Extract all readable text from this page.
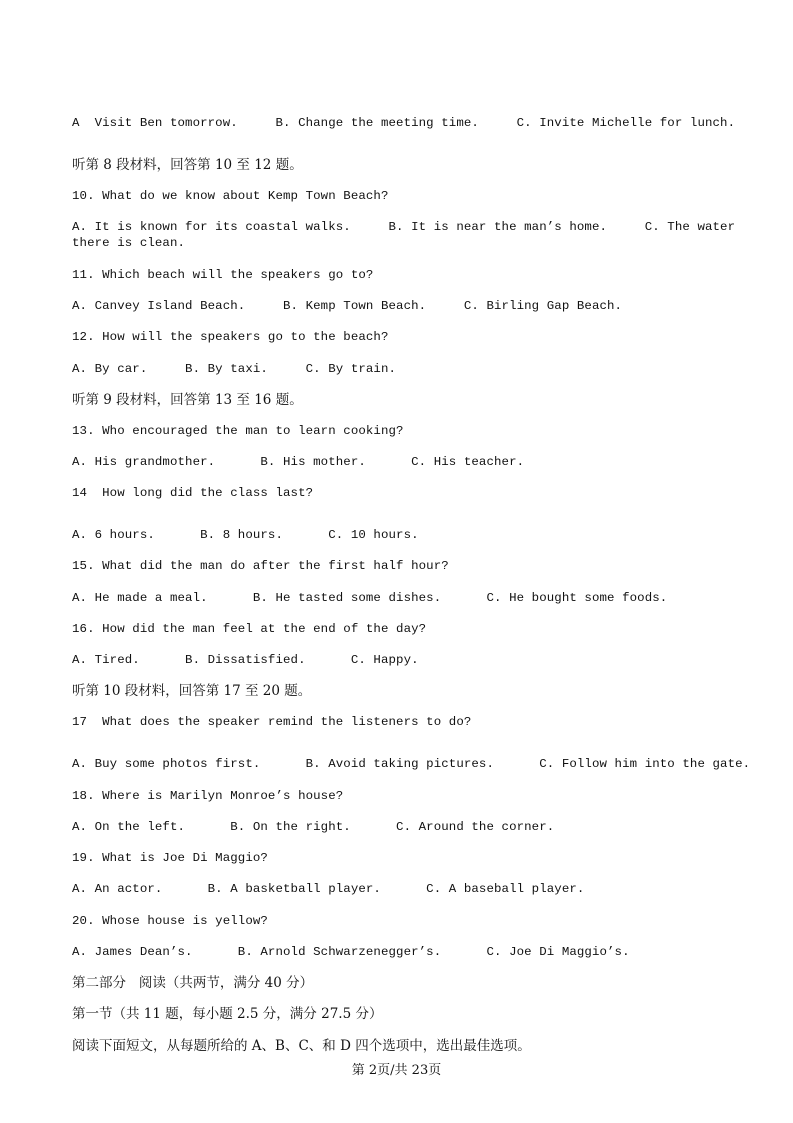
A  Visit Ben tomorrow.     B. Change the meeting time.     C. Invite Michelle for lunch.
听第 8 段材料，回答第 10 至 12 题。
10. What do we know about Kemp Town Beach?
A. It is known for its coastal walks.     B. It is near the man’s home.     C. The water there is clean.
11. Which beach will the speakers go to?
A. Canvey Island Beach.     B. Kemp Town Beach.     C. Birling Gap Beach.
12. How will the speakers go to the beach?
A. By car.     B. By taxi.     C. By train.
听第 9 段材料，回答第 13 至 16 题。
13. Who encouraged the man to learn cooking?
A. His grandmother.      B. His mother.      C. His teacher.
14  How long did the class last?
A. 6 hours.      B. 8 hours.      C. 10 hours.
15. What did the man do after the first half hour?
A. He made a meal.      B. He tasted some dishes.      C. He bought some foods.
16. How did the man feel at the end of the day?
A. Tired.      B. Dissatisfied.      C. Happy.
听第 10 段材料，回答第 17 至 20 题。
17  What does the speaker remind the listeners to do?
A. Buy some photos first.      B. Avoid taking pictures.      C. Follow him into the gate.
18. Where is Marilyn Monroe’s house?
A. On the left.      B. On the right.      C. Around the corner.
19. What is Joe Di Maggio?
A. An actor.      B. A basketball player.      C. A baseball player.
20. Whose house is yellow?
A. James Dean’s.      B. Arnold Schwarzenegger’s.      C. Joe Di Maggio’s.
第二部分   阅读（共两节，满分 40 分）
第一节（共 11 题，每小题 2.5 分，满分 27.5 分）
阅读下面短文，从每题所给的 A、B、C、和 D 四个选项中，选出最佳选项。
第 2页/共 23页
